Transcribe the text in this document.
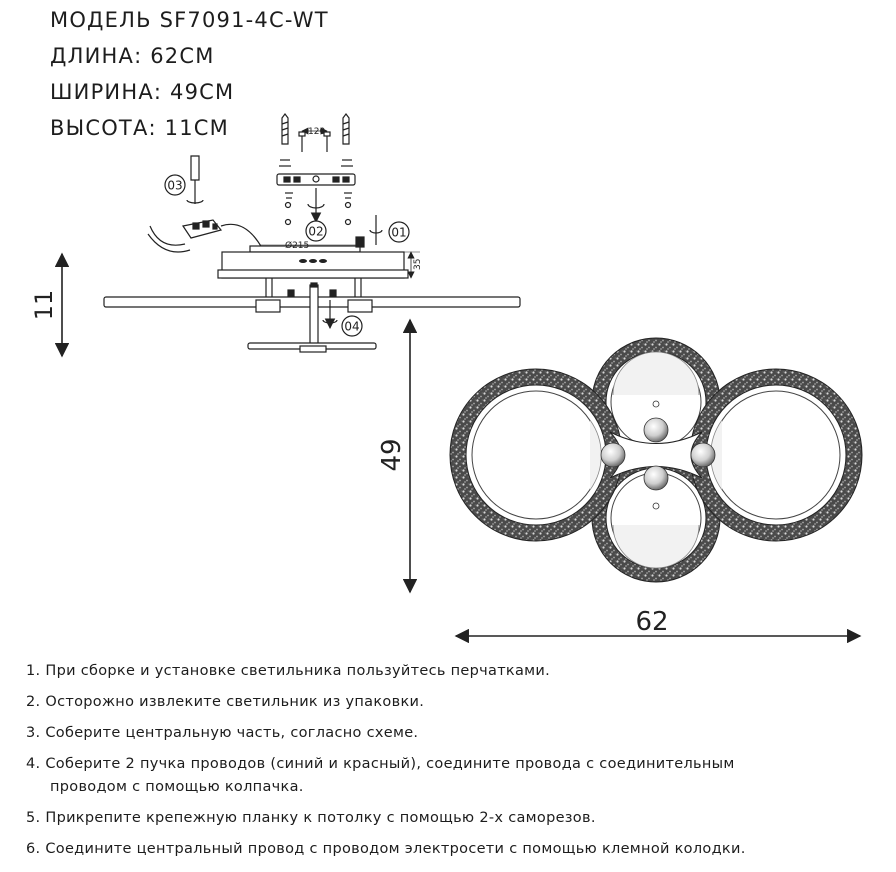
МОДЕЛЬ SF7091-4C-WT
ДЛИНА: 62СМ
ШИРИНА: 49СМ
ВЫСОТА: 11СМ
03
02	01
04
120
Ø215
35
11
49
62
1. При сборке и установке светильника пользуйтесь перчатками.
2. Осторожно извлеките светильник из упаковки.
3. Соберите центральную часть, согласно схеме.
4. Соберите 2 пучка проводов (синий и красный), соедините провода с соединительным
проводом с помощью колпачка.
5. Прикрепите крепежную планку к потолку с помощью 2-х саморезов.
6. Соедините центральный провод с проводом электросети с помощью клемной колодки.
